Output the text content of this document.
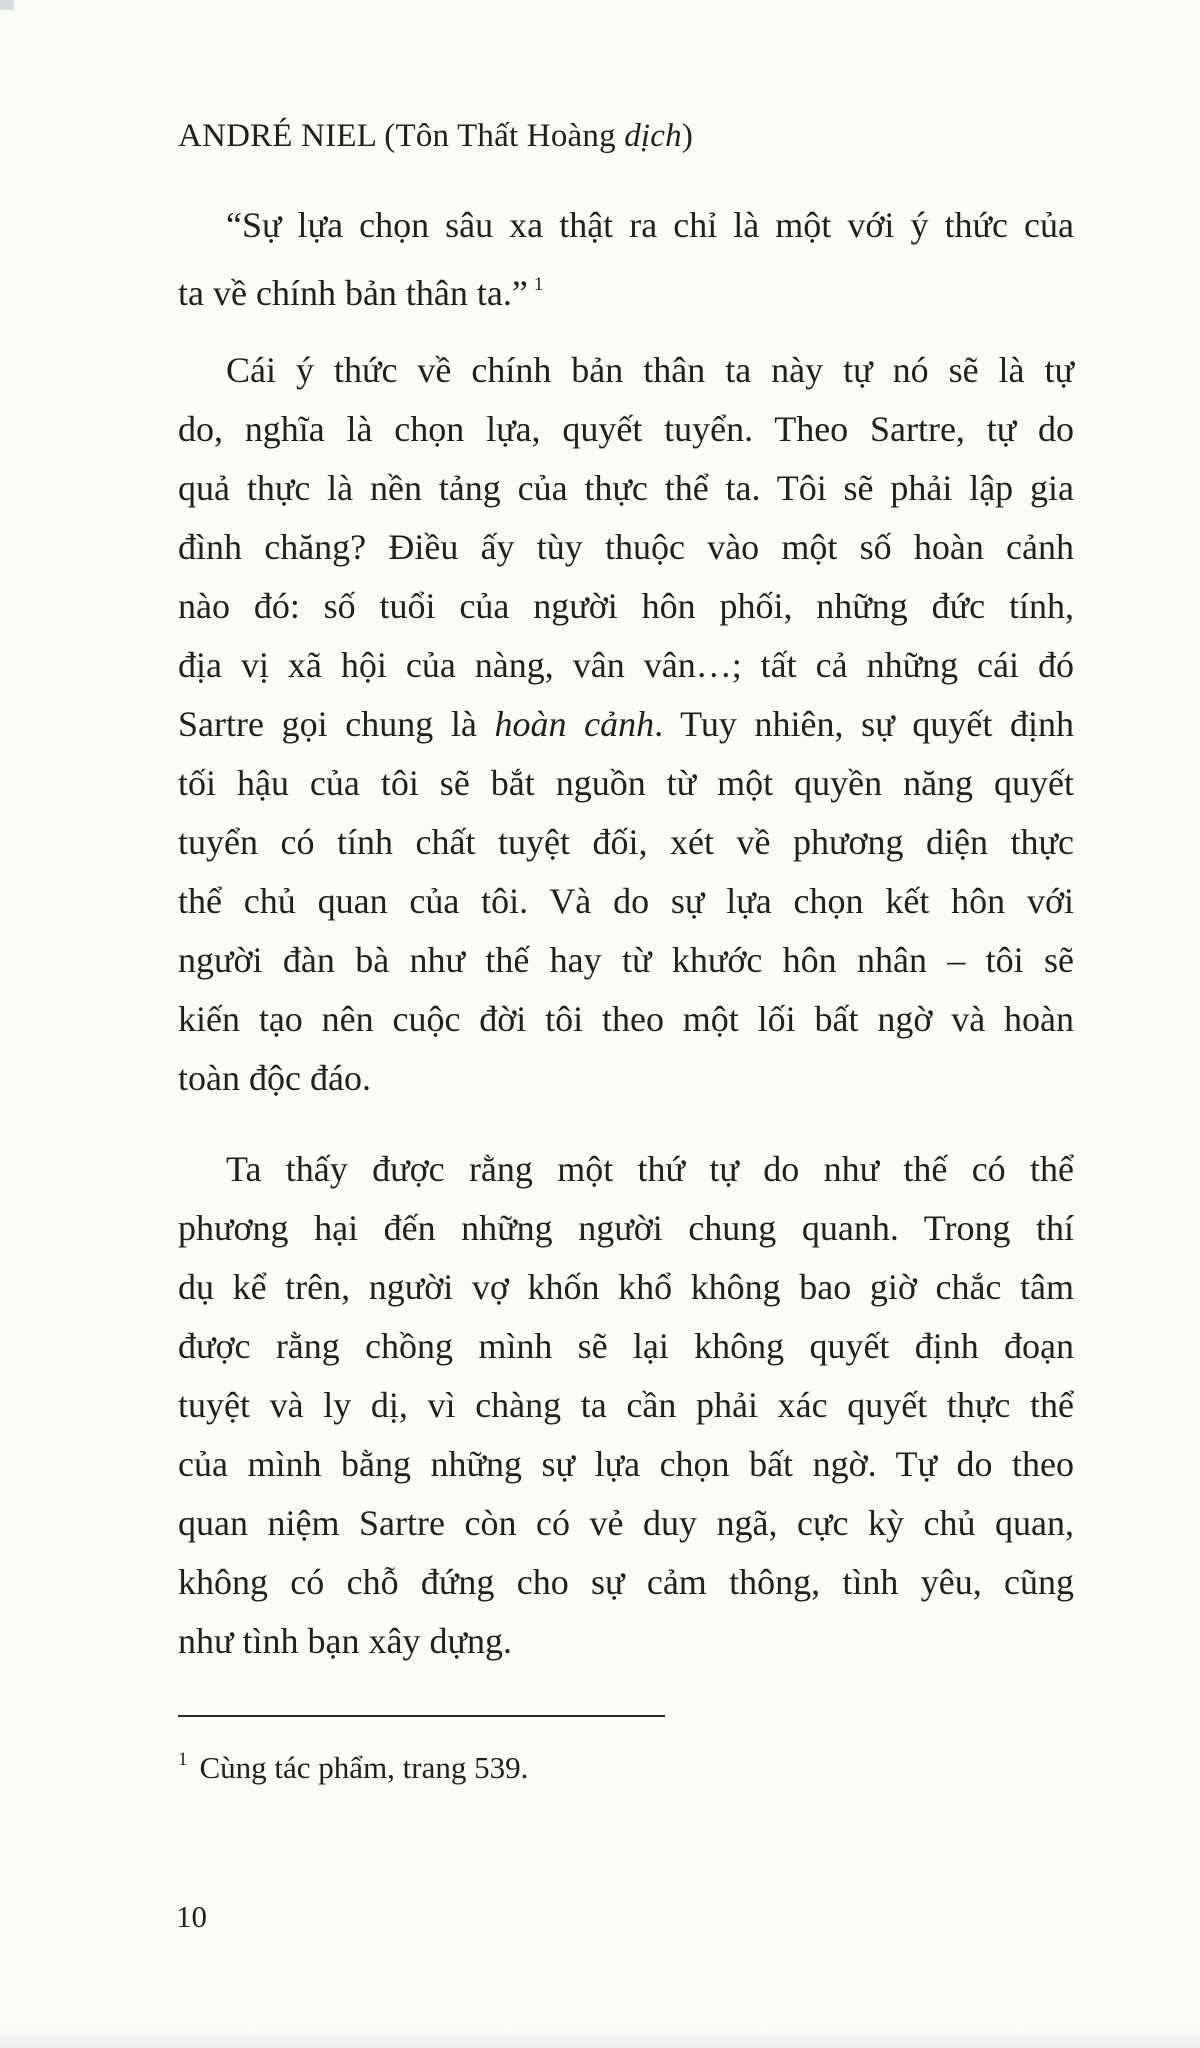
ANDRÉ NIEL (Tôn Thất Hoàng dịch)
“Sự lựa chọn sâu xa thật ra chỉ là một với ý thức của
ta về chính bản thân ta.” $^1$
Cái ý thức về chính bản thân ta này tự nó sẽ là tự
do, nghĩa là chọn lựa, quyết tuyển. Theo Sartre, tự do
quả thực là nền tảng của thực thể ta. Tôi sẽ phải lập gia
đình chăng? Điều ấy tùy thuộc vào một số hoàn cảnh
nào đó: số tuổi của người hôn phối, những đức tính,
địa vị xã hội của nàng, vân vân…; tất cả những cái đó
Sartre gọi chung là hoàn cảnh. Tuy nhiên, sự quyết định
tối hậu của tôi sẽ bắt nguồn từ một quyền năng quyết
tuyển có tính chất tuyệt đối, xét về phương diện thực
thể chủ quan của tôi. Và do sự lựa chọn kết hôn với
người đàn bà như thế hay từ khước hôn nhân – tôi sẽ
kiến tạo nên cuộc đời tôi theo một lối bất ngờ và hoàn
toàn độc đáo.
Ta thấy được rằng một thứ tự do như thế có thể
phương hại đến những người chung quanh. Trong thí
dụ kể trên, người vợ khốn khổ không bao giờ chắc tâm
được rằng chồng mình sẽ lại không quyết định đoạn
tuyệt và ly dị, vì chàng ta cần phải xác quyết thực thể
của mình bằng những sự lựa chọn bất ngờ. Tự do theo
quan niệm Sartre còn có vẻ duy ngã, cực kỳ chủ quan,
không có chỗ đứng cho sự cảm thông, tình yêu, cũng
như tình bạn xây dựng.
$^1$ Cùng tác phẩm, trang 539.
10
